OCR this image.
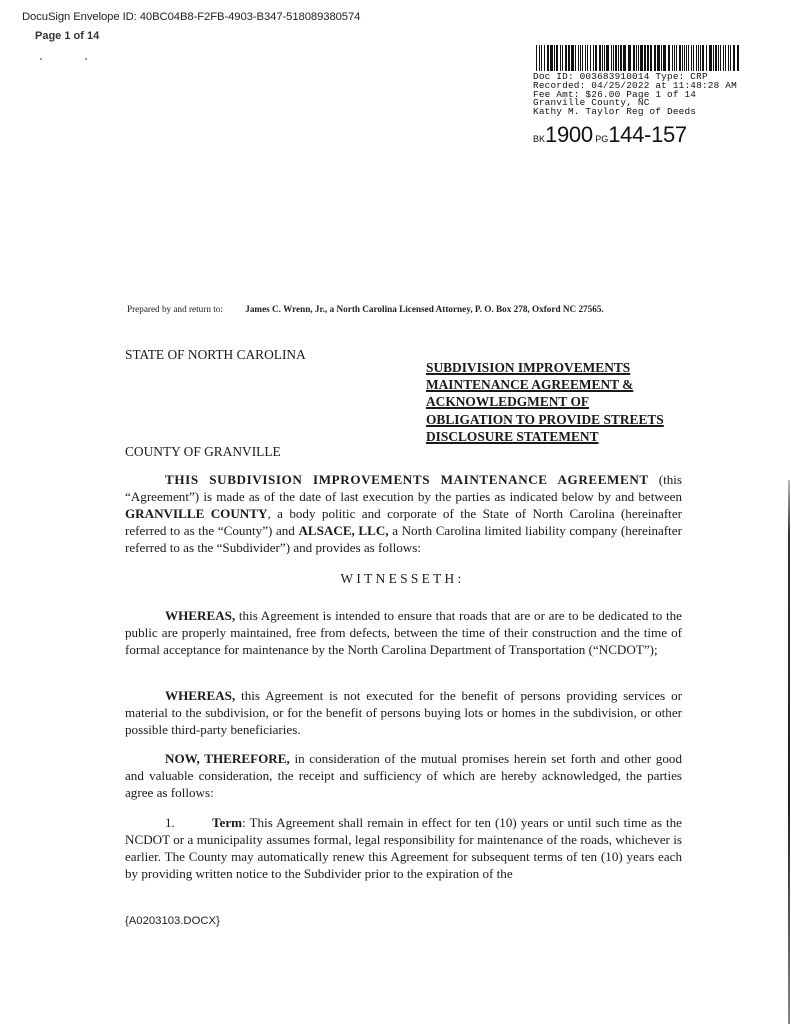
DocuSign Envelope ID: 40BC04B8-F2FB-4903-B347-518089380574
Page 1 of 14
Doc ID: 003683910014 Type: CRP
Recorded: 04/25/2022 at 11:48:28 AM
Fee Amt: $26.00 Page 1 of 14
Granville County, NC
Kathy M. Taylor Reg of Deeds
BK1900 PG144-157
Prepared by and return to: James C. Wrenn, Jr., a North Carolina Licensed Attorney, P. O. Box 278, Oxford NC 27565.
STATE OF NORTH CAROLINA
SUBDIVISION IMPROVEMENTS
MAINTENANCE AGREEMENT &
ACKNOWLEDGMENT OF
OBLIGATION TO PROVIDE STREETS
DISCLOSURE STATEMENT
COUNTY OF GRANVILLE
THIS SUBDIVISION IMPROVEMENTS MAINTENANCE AGREEMENT (this “Agreement”) is made as of the date of last execution by the parties as indicated below by and between GRANVILLE COUNTY, a body politic and corporate of the State of North Carolina (hereinafter referred to as the “County”) and ALSACE, LLC, a North Carolina limited liability company (hereinafter referred to as the “Subdivider”) and provides as follows:
WITNESSETH:
WHEREAS, this Agreement is intended to ensure that roads that are or are to be dedicated to the public are properly maintained, free from defects, between the time of their construction and the time of formal acceptance for maintenance by the North Carolina Department of Transportation (“NCDOT”);
WHEREAS, this Agreement is not executed for the benefit of persons providing services or material to the subdivision, or for the benefit of persons buying lots or homes in the subdivision, or other possible third-party beneficiaries.
NOW, THEREFORE, in consideration of the mutual promises herein set forth and other good and valuable consideration, the receipt and sufficiency of which are hereby acknowledged, the parties agree as follows:
1.	Term: This Agreement shall remain in effect for ten (10) years or until such time as the NCDOT or a municipality assumes formal, legal responsibility for maintenance of the roads, whichever is earlier. The County may automatically renew this Agreement for subsequent terms of ten (10) years each by providing written notice to the Subdivider prior to the expiration of the
{A0203103.DOCX}
